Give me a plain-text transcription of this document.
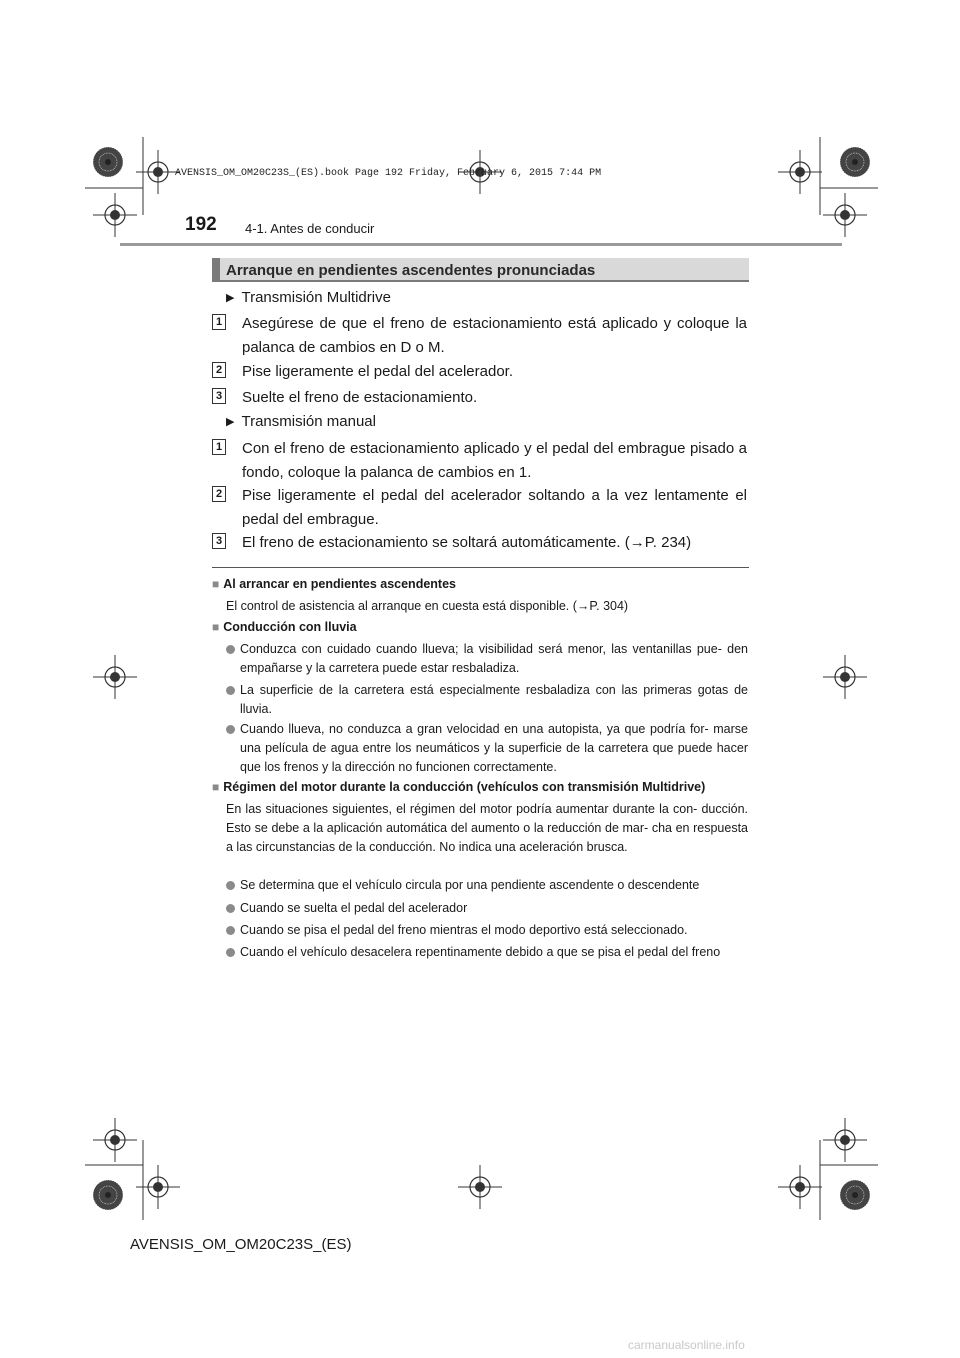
AVENSIS_OM_OM20C23S_(ES).book Page 192 Friday, February 6, 2015 7:44 PM
192 4-1. Antes de conducir
Arranque en pendientes ascendentes pronunciadas
▶ Transmisión Multidrive
1 Asegúrese de que el freno de estacionamiento está aplicado y coloque la palanca de cambios en D o M.
2 Pise ligeramente el pedal del acelerador.
3 Suelte el freno de estacionamiento.
▶ Transmisión manual
1 Con el freno de estacionamiento aplicado y el pedal del embrague pisado a fondo, coloque la palanca de cambios en 1.
2 Pise ligeramente el pedal del acelerador soltando a la vez lentamente el pedal del embrague.
3 El freno de estacionamiento se soltará automáticamente. (→P. 234)
■ Al arrancar en pendientes ascendentes
El control de asistencia al arranque en cuesta está disponible. (→P. 304)
■ Conducción con lluvia
Conduzca con cuidado cuando llueva; la visibilidad será menor, las ventanillas pue- den empañarse y la carretera puede estar resbaladiza.
La superficie de la carretera está especialmente resbaladiza con las primeras gotas de lluvia.
Cuando llueva, no conduzca a gran velocidad en una autopista, ya que podría for- marse una película de agua entre los neumáticos y la superficie de la carretera que puede hacer que los frenos y la dirección no funcionen correctamente.
■ Régimen del motor durante la conducción (vehículos con transmisión Multidrive)
En las situaciones siguientes, el régimen del motor podría aumentar durante la con- ducción. Esto se debe a la aplicación automática del aumento o la reducción de mar- cha en respuesta a las circunstancias de la conducción. No indica una aceleración brusca.
Se determina que el vehículo circula por una pendiente ascendente o descendente
Cuando se suelta el pedal del acelerador
Cuando se pisa el pedal del freno mientras el modo deportivo está seleccionado.
Cuando el vehículo desacelera repentinamente debido a que se pisa el pedal del freno
AVENSIS_OM_OM20C23S_(ES)
carmanualsonline.info
